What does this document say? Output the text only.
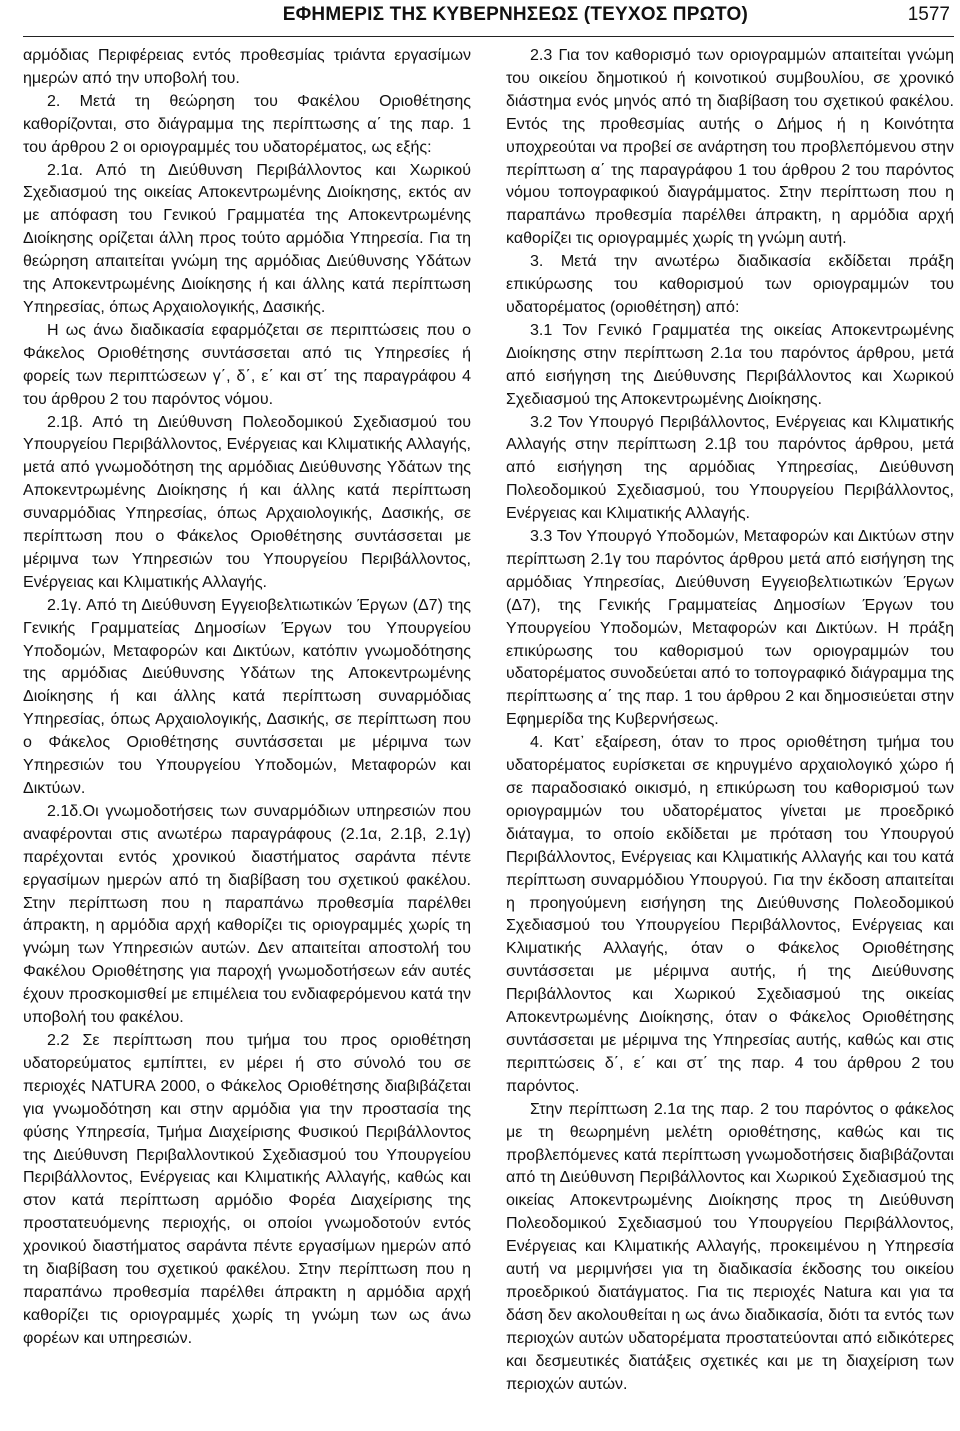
ΕΦΗΜΕΡΙΣ ΤΗΣ ΚΥΒΕΡΝΗΣΕΩΣ (ΤΕΥΧΟΣ ΠΡΩΤΟ)	1577

αρμόδιας Περιφέρειας εντός προθεσμίας τριάντα εργασίμων ημερών από την υποβολή του.

2. Μετά τη θεώρηση του Φακέλου Οριοθέτησης καθορίζονται, στο διάγραμμα της περίπτωσης α΄ της παρ. 1 του άρθρου 2 οι οριογραμμές του υδατορέματος, ως εξής:

2.1α. Από τη Διεύθυνση Περιβάλλοντος και Χωρικού Σχεδιασμού της οικείας Αποκεντρωμένης Διοίκησης, εκτός αν με απόφαση του Γενικού Γραμματέα της Αποκεντρωμένης Διοίκησης ορίζεται άλλη προς τούτο αρμόδια Υπηρεσία. Για τη θεώρηση απαιτείται γνώμη της αρμόδιας Διεύθυνσης Υδάτων της Αποκεντρωμένης Διοίκησης ή και άλλης κατά περίπτωση Υπηρεσίας, όπως Αρχαιολογικής, Δασικής.

Η ως άνω διαδικασία εφαρμόζεται σε περιπτώσεις που ο Φάκελος Οριοθέτησης συντάσσεται από τις Υπηρεσίες ή φορείς των περιπτώσεων γ΄, δ΄, ε΄ και στ΄ της παραγράφου 4 του άρθρου 2 του παρόντος νόμου.

2.1β. Από τη Διεύθυνση Πολεοδομικού Σχεδιασμού του Υπουργείου Περιβάλλοντος, Ενέργειας και Κλιματικής Αλλαγής, μετά από γνωμοδότηση της αρμόδιας Διεύθυνσης Υδάτων της Αποκεντρωμένης Διοίκησης ή και άλλης κατά περίπτωση συναρμόδιας Υπηρεσίας, όπως Αρχαιολογικής, Δασικής, σε περίπτωση που ο Φάκελος Οριοθέτησης συντάσσεται με μέριμνα των Υπηρεσιών του Υπουργείου Περιβάλλοντος, Ενέργειας και Κλιματικής Αλλαγής.

2.1γ. Από τη Διεύθυνση Εγγειοβελτιωτικών Έργων (Δ7) της Γενικής Γραμματείας Δημοσίων Έργων του Υπουργείου Υποδομών, Μεταφορών και Δικτύων, κατόπιν γνωμοδότησης της αρμόδιας Διεύθυνσης Υδάτων της Αποκεντρωμένης Διοίκησης ή και άλλης κατά περίπτωση συναρμόδιας Υπηρεσίας, όπως Αρχαιολογικής, Δασικής, σε περίπτωση που ο Φάκελος Οριοθέτησης συντάσσεται με μέριμνα των Υπηρεσιών του Υπουργείου Υποδομών, Μεταφορών και Δικτύων.

2.1δ.Οι γνωμοδοτήσεις των συναρμόδιων υπηρεσιών που αναφέρονται στις ανωτέρω παραγράφους (2.1α, 2.1β, 2.1γ) παρέχονται εντός χρονικού διαστήματος σαράντα πέντε εργασίμων ημερών από τη διαβίβαση του σχετικού φακέλου. Στην περίπτωση που η παραπάνω προθεσμία παρέλθει άπρακτη, η αρμόδια αρχή καθορίζει τις οριογραμμές χωρίς τη γνώμη των Υπηρεσιών αυτών. Δεν απαιτείται αποστολή του Φακέλου Οριοθέτησης για παροχή γνωμοδοτήσεων εάν αυτές έχουν προσκομισθεί με επιμέλεια του ενδιαφερόμενου κατά την υποβολή του φακέλου.

2.2 Σε περίπτωση που τμήμα του προς οριοθέτηση υδατορεύματος εμπίπτει, εν μέρει ή στο σύνολό του σε περιοχές NATURA 2000, ο Φάκελος Οριοθέτησης διαβιβάζεται για γνωμοδότηση και στην αρμόδια για την προστασία της φύσης Υπηρεσία, Τμήμα Διαχείρισης Φυσικού Περιβάλλοντος της Διεύθυνση Περιβαλλοντικού Σχεδιασμού του Υπουργείου Περιβάλλοντος, Ενέργειας και Κλιματικής Αλλαγής, καθώς και στον κατά περίπτωση αρμόδιο Φορέα Διαχείρισης της προστατευόμενης περιοχής, οι οποίοι γνωμοδοτούν εντός χρονικού διαστήματος σαράντα πέντε εργασίμων ημερών από τη διαβίβαση του σχετικού φακέλου. Στην περίπτωση που η παραπάνω προθεσμία παρέλθει άπρακτη η αρμόδια αρχή καθορίζει τις οριογραμμές χωρίς τη γνώμη των ως άνω φορέων και υπηρεσιών.

2.3 Για τον καθορισμό των οριογραμμών απαιτείται γνώμη του οικείου δημοτικού ή κοινοτικού συμβουλίου, σε χρονικό διάστημα ενός μηνός από τη διαβίβαση του σχετικού φακέλου. Εντός της προθεσμίας αυτής ο Δήμος ή η Κοινότητα υποχρεούται να προβεί σε ανάρτηση του προβλεπόμενου στην περίπτωση α΄ της παραγράφου 1 του άρθρου 2 του παρόντος νόμου τοπογραφικού διαγράμματος. Στην περίπτωση που η παραπάνω προθεσμία παρέλθει άπρακτη, η αρμόδια αρχή καθορίζει τις οριογραμμές χωρίς τη γνώμη αυτή.

3. Μετά την ανωτέρω διαδικασία εκδίδεται πράξη επικύρωσης του καθορισμού των οριογραμμών του υδατορέματος (οριοθέτηση) από:

3.1 Τον Γενικό Γραμματέα της οικείας Αποκεντρωμένης Διοίκησης στην περίπτωση 2.1α του παρόντος άρθρου, μετά από εισήγηση της Διεύθυνσης Περιβάλλοντος και Χωρικού Σχεδιασμού της Αποκεντρωμένης Διοίκησης.

3.2 Τον Υπουργό Περιβάλλοντος, Ενέργειας και Κλιματικής Αλλαγής στην περίπτωση 2.1β του παρόντος άρθρου, μετά από εισήγηση της αρμόδιας Υπηρεσίας, Διεύθυνση Πολεοδομικού Σχεδιασμού, του Υπουργείου Περιβάλλοντος, Ενέργειας και Κλιματικής Αλλαγής.

3.3 Τον Υπουργό Υποδομών, Μεταφορών και Δικτύων στην περίπτωση 2.1γ του παρόντος άρθρου μετά από εισήγηση της αρμόδιας Υπηρεσίας, Διεύθυνση Εγγειοβελτιωτικών Έργων (Δ7), της Γενικής Γραμματείας Δημοσίων Έργων του Υπουργείου Υποδομών, Μεταφορών και Δικτύων. Η πράξη επικύρωσης του καθορισμού των οριογραμμών του υδατορέματος συνοδεύεται από το τοπογραφικό διάγραμμα της περίπτωσης α΄ της παρ. 1 του άρθρου 2 και δημοσιεύεται στην Εφημερίδα της Κυβερνήσεως.

4. Κατ᾽ εξαίρεση, όταν το προς οριοθέτηση τμήμα του υδατορέματος ευρίσκεται σε κηρυγμένο αρχαιολογικό χώρο ή σε παραδοσιακό οικισμό, η επικύρωση του καθορισμού των οριογραμμών του υδατορέματος γίνεται με προεδρικό διάταγμα, το οποίο εκδίδεται με πρόταση του Υπουργού Περιβάλλοντος, Ενέργειας και Κλιματικής Αλλαγής και του κατά περίπτωση συναρμόδιου Υπουργού. Για την έκδοση απαιτείται η προηγούμενη εισήγηση της Διεύθυνσης Πολεοδομικού Σχεδιασμού του Υπουργείου Περιβάλλοντος, Ενέργειας και Κλιματικής Αλλαγής, όταν ο Φάκελος Οριοθέτησης συντάσσεται με μέριμνα αυτής, ή της Διεύθυνσης Περιβάλλοντος και Χωρικού Σχεδιασμού της οικείας Αποκεντρωμένης Διοίκησης, όταν ο Φάκελος Οριοθέτησης συντάσσεται με μέριμνα της Υπηρεσίας αυτής, καθώς και στις περιπτώσεις δ΄, ε΄ και στ΄ της παρ. 4 του άρθρου 2 του παρόντος.

Στην περίπτωση 2.1α της παρ. 2 του παρόντος ο φάκελος με τη θεωρημένη μελέτη οριοθέτησης, καθώς και τις προβλεπόμενες κατά περίπτωση γνωμοδοτήσεις διαβιβάζονται από τη Διεύθυνση Περιβάλλοντος και Χωρικού Σχεδιασμού της οικείας Αποκεντρωμένης Διοίκησης προς τη Διεύθυνση Πολεοδομικού Σχεδιασμού του Υπουργείου Περιβάλλοντος, Ενέργειας και Κλιματικής Αλλαγής, προκειμένου η Υπηρεσία αυτή να μεριμνήσει για τη διαδικασία έκδοσης του οικείου προεδρικού διατάγματος. Για τις περιοχές Natura και για τα δάση δεν ακολουθείται η ως άνω διαδικασία, διότι τα εντός των περιοχών αυτών υδατορέματα προστατεύονται από ειδικότερες και δεσμευτικές διατάξεις σχετικές και με τη διαχείριση των περιοχών αυτών.
